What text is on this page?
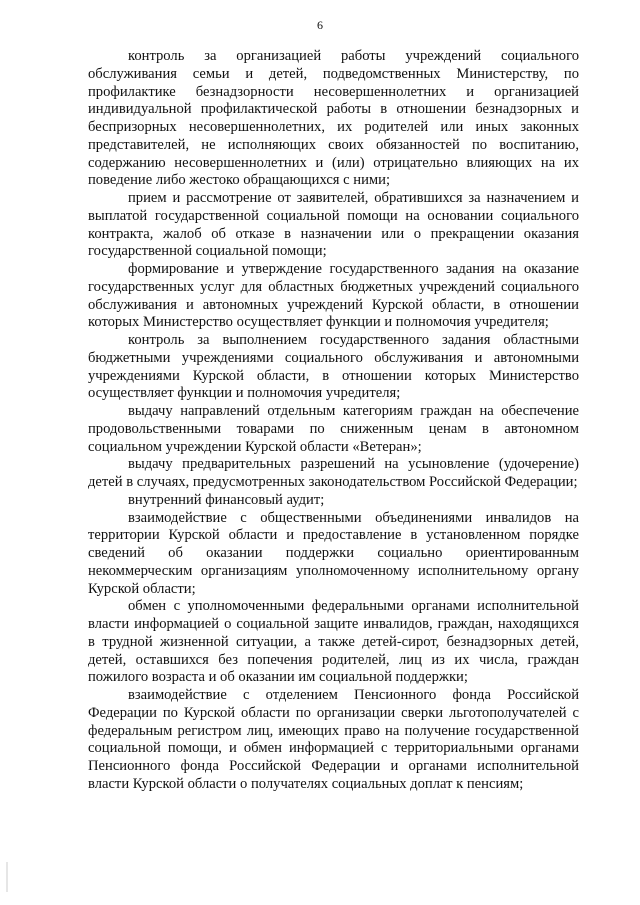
6

контроль за организацией работы учреждений социального обслуживания семьи и детей, подведомственных Министерству, по профилактике безнадзорности несовершеннолетних и организацией индивидуальной профилактической работы в отношении безнадзорных и беспризорных несовершеннолетних, их родителей или иных законных представителей, не исполняющих своих обязанностей по воспитанию, содержанию несовершеннолетних и (или) отрицательно влияющих на их поведение либо жестоко обращающихся с ними;

прием и рассмотрение от заявителей, обратившихся за назначением и выплатой государственной социальной помощи на основании социального контракта, жалоб об отказе в назначении или о прекращении оказания государственной социальной помощи;

формирование и утверждение государственного задания на оказание государственных услуг для областных бюджетных учреждений социального обслуживания и автономных учреждений Курской области, в отношении которых Министерство осуществляет функции и полномочия учредителя;

контроль за выполнением государственного задания областными бюджетными учреждениями социального обслуживания и автономными учреждениями Курской области, в отношении которых Министерство осуществляет функции и полномочия учредителя;

выдачу направлений отдельным категориям граждан на обеспечение продовольственными товарами по сниженным ценам в автономном социальном учреждении Курской области «Ветеран»;

выдачу предварительных разрешений на усыновление (удочерение) детей в случаях, предусмотренных законодательством Российской Федерации;

внутренний финансовый аудит;

взаимодействие с общественными объединениями инвалидов на территории Курской области и предоставление в установленном порядке сведений об оказании поддержки социально ориентированным некоммерческим организациям уполномоченному исполнительному органу Курской области;

обмен с уполномоченными федеральными органами исполнительной власти информацией о социальной защите инвалидов, граждан, находящихся в трудной жизненной ситуации, а также детей-сирот, безнадзорных детей, детей, оставшихся без попечения родителей, лиц из их числа, граждан пожилого возраста и об оказании им социальной поддержки;

взаимодействие с отделением Пенсионного фонда Российской Федерации по Курской области по организации сверки льготополучателей с федеральным регистром лиц, имеющих право на получение государственной социальной помощи, и обмен информацией с территориальными органами Пенсионного фонда Российской Федерации и органами исполнительной власти Курской области о получателях социальных доплат к пенсиям;
